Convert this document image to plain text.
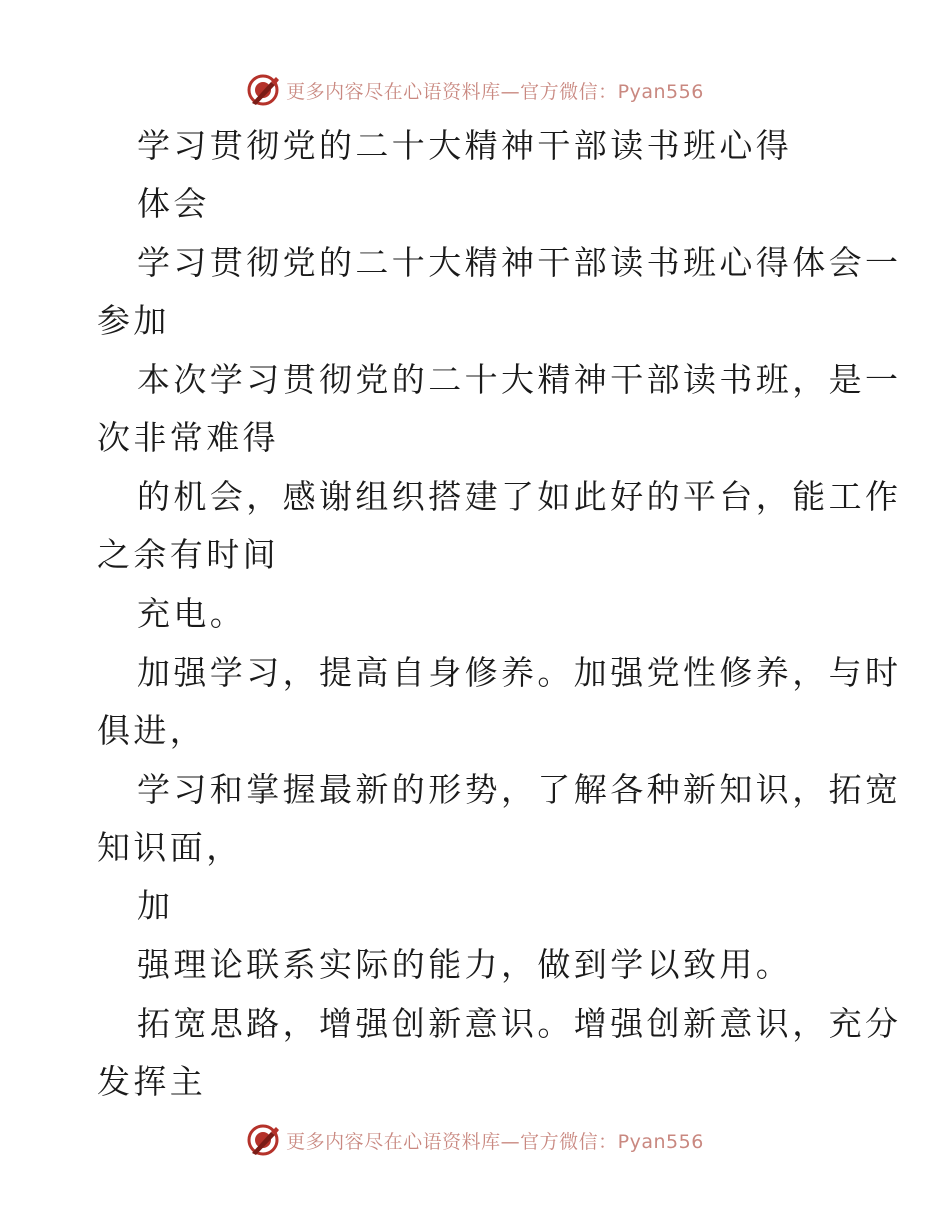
更多内容尽在心语资料库—官方微信：Pyan556
学习贯彻党的二十大精神干部读书班心得
体会
学习贯彻党的二十大精神干部读书班心得体会一
参加
本次学习贯彻党的二十大精神干部读书班，是一
次非常难得
的机会，感谢组织搭建了如此好的平台，能工作
之余有时间
充电。
加强学习，提高自身修养。加强党性修养，与时
俱进，
学习和掌握最新的形势，了解各种新知识，拓宽
知识面，
加
强理论联系实际的能力，做到学以致用。
拓宽思路，增强创新意识。增强创新意识，充分
发挥主
更多内容尽在心语资料库—官方微信：Pyan556
